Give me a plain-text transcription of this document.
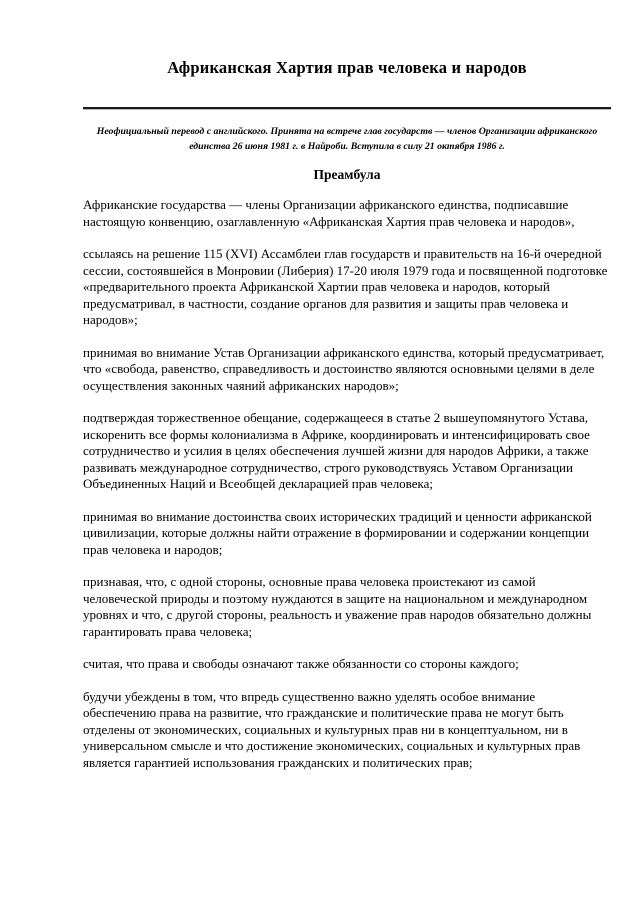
Африканская Хартия прав человека и народов

Неофициальный перевод с английского. Принята на встрече глав государств — членов Организации африканского единства 26 июня 1981 г. в Найроби. Вступила в силу 21 октября 1986 г.

Преамбула

Африканские государства — члены Организации африканского единства, подписавшие настоящую конвенцию, озаглавленную «Африканская Хартия прав человека и народов»,

ссылаясь на решение 115 (XVI) Ассамблеи глав государств и правительств на 16-й очередной сессии, состоявшейся в Монровии (Либерия) 17-20 июля 1979 года и посвященной подготовке «предварительного проекта Африканской Хартии прав человека и народов, который предусматривал, в частности, создание органов для развития и защиты прав человека и народов»;

принимая во внимание Устав Организации африканского единства, который предусматривает, что «свобода, равенство, справедливость и достоинство являются основными целями в деле осуществления законных чаяний африканских народов»;

подтверждая торжественное обещание, содержащееся в статье 2 вышеупомянутого Устава, искоренить все формы колониализма в Африке, координировать и интенсифицировать свое сотрудничество и усилия в целях обеспечения лучшей жизни для народов Африки, а также развивать международное сотрудничество, строго руководствуясь Уставом Организации Объединенных Наций и Всеобщей декларацией прав человека;

принимая во внимание достоинства своих исторических традиций и ценности африканской цивилизации, которые должны найти отражение в формировании и содержании концепции прав человека и народов;

признавая, что, с одной стороны, основные права человека проистекают из самой человеческой природы и поэтому нуждаются в защите на национальном и международном уровнях и что, с другой стороны, реальность и уважение прав народов обязательно должны гарантировать права человека;

считая, что права и свободы означают также обязанности со стороны каждого;

будучи убеждены в том, что впредь существенно важно уделять особое внимание обеспечению права на развитие, что гражданские и политические права не могут быть отделены от экономических, социальных и культурных прав ни в концептуальном, ни в универсальном смысле и что достижение экономических, социальных и культурных прав является гарантией использования гражданских и политических прав;
